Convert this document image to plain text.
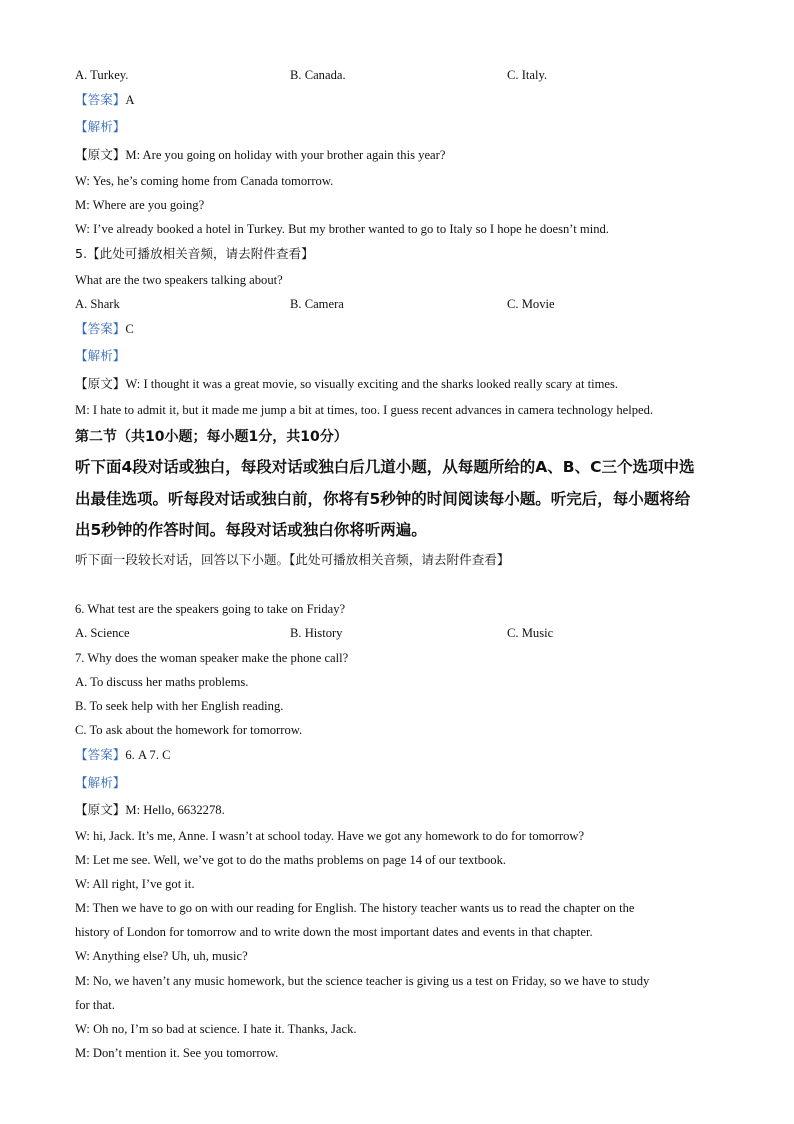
A. Turkey.	B. Canada.	C. Italy.
【答案】A
【解析】
【原文】M: Are you going on holiday with your brother again this year?
W: Yes, he’s coming home from Canada tomorrow.
M: Where are you going?
W: I’ve already booked a hotel in Turkey. But my brother wanted to go to Italy so I hope he doesn’t mind.
5.【此处可播放相关音频，请去附件查看】
What are the two speakers talking about?
A. Shark	B. Camera	C. Movie
【答案】C
【解析】
【原文】W: I thought it was a great movie, so visually exciting and the sharks looked really scary at times.
M: I hate to admit it, but it made me jump a bit at times, too. I guess recent advances in camera technology helped.
第二节（共10小题；每小题1分，共10分）
听下面4段对话或独白，每段对话或独白后几道小题，从每题所给的A、B、C三个选项中选
出最佳选项。听每段对话或独白前，你将有5秒钟的时间阅读每小题。听完后，每小题将给
出5秒钟的作答时间。每段对话或独白你将听两遍。
听下面一段较长对话，回答以下小题。【此处可播放相关音频，请去附件查看】
6. What test are the speakers going to take on Friday?
A. Science	B. History	C. Music
7. Why does the woman speaker make the phone call?
A. To discuss her maths problems.
B. To seek help with her English reading.
C. To ask about the homework for tomorrow.
【答案】6. A 7. C
【解析】
【原文】M: Hello, 6632278.
W: hi, Jack. It’s me, Anne. I wasn’t at school today. Have we got any homework to do for tomorrow?
M: Let me see. Well, we’ve got to do the maths problems on page 14 of our textbook.
W: All right, I’ve got it.
M: Then we have to go on with our reading for English. The history teacher wants us to read the chapter on the
history of London for tomorrow and to write down the most important dates and events in that chapter.
W: Anything else? Uh, uh, music?
M: No, we haven’t any music homework, but the science teacher is giving us a test on Friday, so we have to study
for that.
W: Oh no, I’m so bad at science. I hate it. Thanks, Jack.
M: Don’t mention it. See you tomorrow.
